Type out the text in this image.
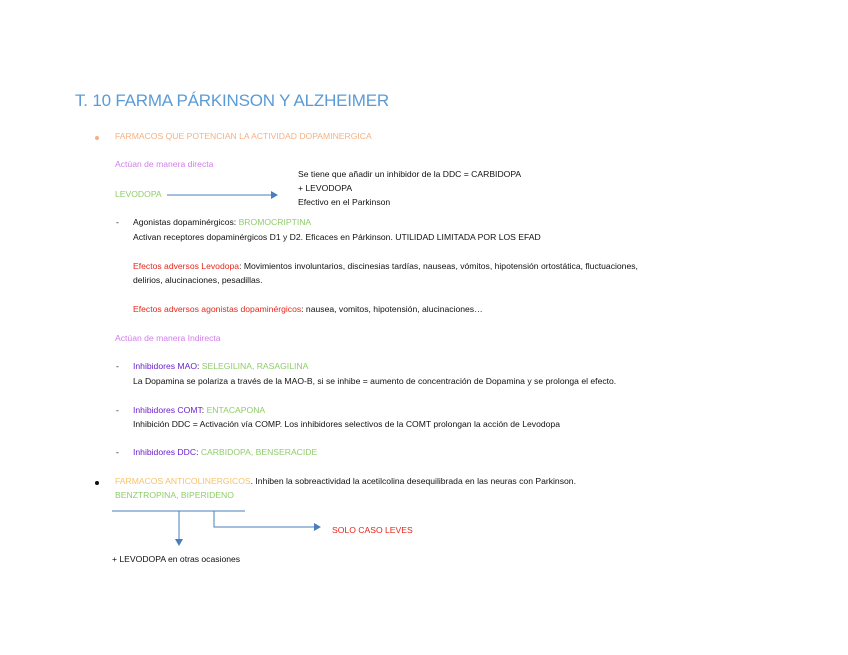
T. 10 FARMA PÁRKINSON Y ALZHEIMER
FARMACOS QUE POTENCIAN LA ACTIVIDAD DOPAMINERGICA
Actúan de manera directa
Se tiene que añadir un inhibidor de la DDC = CARBIDOPA
+ LEVODOPA
Efectivo en el Parkinson
LEVODOPA
- Agonistas dopaminérgicos: BROMOCRIPTINA
Activan receptores dopaminérgicos D1 y D2. Eficaces en Párkinson. UTILIDAD LIMITADA POR LOS EFAD
Efectos adversos Levodopa: Movimientos involuntarios, discinesias tardías, nauseas, vómitos, hipotensión ortostática, fluctuaciones,
delirios, alucinaciones, pesadillas.
Efectos adversos agonistas dopaminérgicos: nausea, vomitos, hipotensión, alucinaciones…
Actúan de manera Indirecta
- Inhibidores MAO: SELEGILINA, RASAGILINA
La Dopamina se polariza a través de la MAO-B, si se inhibe = aumento de concentración de Dopamina y se prolonga el efecto.
- Inhibidores COMT: ENTACAPONA
Inhibición DDC = Activación vía COMP. Los inhibidores selectivos de la COMT prolongan la acción de Levodopa
- Inhibidores DDC: CARBIDOPA, BENSERACIDE
FARMACOS ANTICOLINERGICOS. Inhiben la sobreactividad la acetilcolina desequilibrada en las neuras con Parkinson.
BENZTROPINA, BIPERIDENO
SOLO CASO LEVES
+ LEVODOPA en otras ocasiones
